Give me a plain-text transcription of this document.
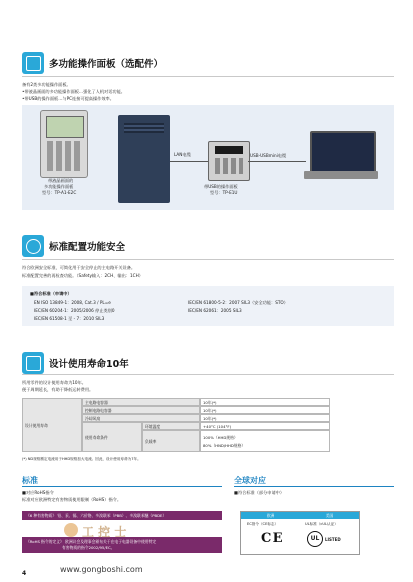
多功能操作面板（选配件）
备有2类多功能操作面板。
•带液晶画面的多功能操作面板…强化了人机对话功能。
•带USB的操作面板…与PC连接可提高操作效率。
带液晶画面的
多功能操作面板
型号：TP-A1-E2C
LAN电缆
带USB的操作面板
型号：TP-E1U
USB-USBmini电缆
标准配置功能安全
符合欧洲安全标准，可简化用于安全停止的主电路开关设备。
标准配置完善的再检查功能。（Safety输入：2CH、输出：1CH）
■符合标准（申请中）
EN ISO 13849-1：2008, Cat.3 / PL=e
IEC/EN 60204-1：2005/2006 停止类别0
IEC/EN 61508-1 至 - 7：2010 SIL3
IEC/EN 61800-5-2：2007 SIL3（安全功能：STO）
IEC/EN 62061：2005 SIL3
设计使用寿命10年
所用零件的设计使用寿命为10年。
便于周期延长，有助于降低运转费用。
设计使用寿命
主电路电容器	10年(*)
控制电路电容器	10年(*)
冷却风扇	10年(*)
使用寿命条件
环境温度	+40°C (104°F)
负载率
100%（HHD规格）
80%（HND/HHD规格）
(*) ND规格额定电流用于HHD规格加大电流。因此，设计使用寿命为7年。
标准
■对应RoHS指令
标准对应欧洲特定有害物质使用限制（RoHS）指令。
《6 种有害物质》 铅、汞、镉、六价铬、多溴联苯（PBB）、多溴联苯醚（PBDE）
《RoHS 指令的定义》 欧洲议会及理事会颁布关于在电子电器设备中使用特定
有害物质的指令2002/95/EC。
全球对应
■符合标准（部分申请中）
欧洲	美国
EC指令（CE标志）	UL标准（cUL认证）
C E	UL	LISTED
工 控 士
www.gongboshi.com
4
